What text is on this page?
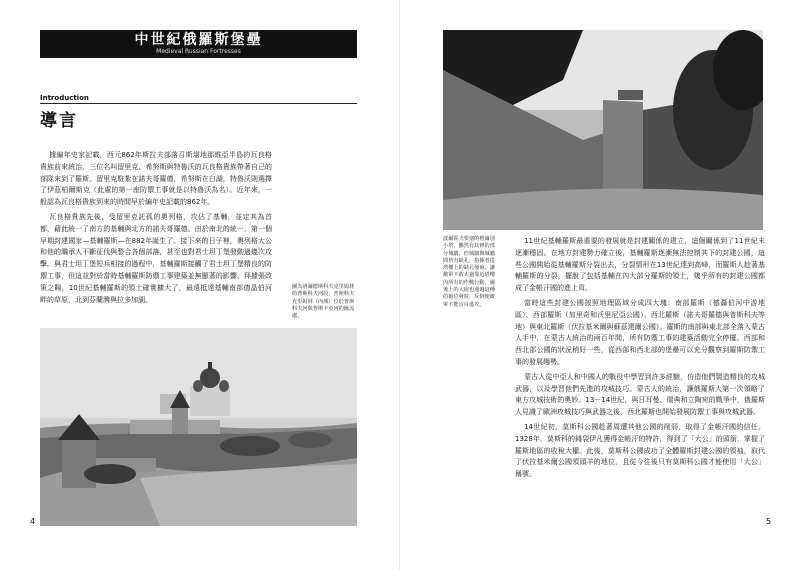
中世紀俄羅斯堡壘
Medieval Russian Fortresses
Introduction
導言

據編年史家記載，西元862年斯拉夫部落召斯堪地那維亞半島的瓦良格貴族前來統治，三位名叫留里克、希努斯與特魯沃的瓦良格貴族帶著自己的部隊來到了羅斯。留里克駐紮在諾夫哥羅德，希努斯在白湖，特魯沃則選擇了伊茲柏爾斯克（此處的第一座防禦工事就是以特魯沃為名）。近年來，一般認為瓦良格貴族到來的時間早於編年史記載的862年。

瓦良格貴族先後，受留里克託孤的奧列格，攻佔了基輔，並定其為首都，藉此統一了南方的基輔與北方的諾夫哥羅德。由於南北的統一，第一個早期封建國家—基輔羅斯—在882年誕生了。接下來的日子裡，奧列格大公和他的繼承人不斷征伐與整合各個部落，甚至也對君士坦丁堡發動過幾次攻擊。與君士坦丁堡短兵相接的過程中，基輔羅斯接觸了君士坦丁堡精良的防禦工事，但這並對於當時基輔羅斯防禦工事建築並無顯著的影響。拜據張政策之賜，10世紀基輔羅斯的領土確實擴大了，最遠抵達基輔南部德晶伯河畔的草原，北到芬蘭灣與拉多加湖。

圖為洛爾德斯科夫克里姆林的普斯科夫河段，普斯科夫克里姆林（內城）位於普斯科夫河與普斯卡亞河的匯流處。
4
波爾霍夫要塞的格爾別小塔，雖然有其修的部分城牆，但城牆與城牆間皆有缺孔，指揮者從塔樓上的缺孔發砲，讓敵軍不敢太過靠近塔樓內所有的作戰行動，爾後上的大砲也通過這種的砲位發射，反倒使敵軍不能盲目進攻。

11世紀基輔羅斯最重要的發展就是封建關係的建立，這個關係到了11世紀末逐漸穩固。在地方封建勢力確立後，基輔羅斯逐漸無法控制其下的封建公國，這些公國開始從基輔羅斯分裂出去，分裂情形在13世紀達到高峰，而羅斯人趁著基輔羅斯的分裂，擺脫了包括基輔在內大部分羅斯的領土，幾乎所有的封建公國都成了金帳汗國的進上貢。

當時這些封建公國按照地理區域分成四大塊：南部羅斯（德聶伯河中游地區）、西部羅斯（加里奇和沃里尼亞公國）、西北羅斯（諾夫哥羅德與普斯科夫等地）與東北羅斯（伏拉基米爾與蘇茲達爾公國）。羅斯的南部與東北部全落入蒙古人手中，在蒙古人統治的兩百年間，所有防禦工事的建築活動完全停擺。西部和西北部公國的狀況稍好一些，從西部和西北部的堡壘可以充分觀察到羅斯防禦工事的發展趨勢。

蒙古人從中亞人和中國人的戰役中學習到許多經驗，仿造他們製造精良的攻城武器，以及學習他們先進的攻城技巧。蒙古人的統治，讓俄羅斯人第一次領略了東方攻城技術的奧妙。13－14世紀，與日耳曼、瑞典和立陶宛的戰爭中，俄羅斯人見識了歐洲攻城技巧與武器之後，西北羅斯也開始發展防禦工事與攻城武器。

14世紀初，莫斯科公國趁著周遭其他公國的削弱，取得了金帳汗國的信任。1328年，莫斯科的錢袋伊凡獲得金帳汗的特許，得到了「大公」的頭銜，掌握了羅斯地區的收稅大權。此後，莫斯科公國成功了全體羅斯封建公國的領袖，取代了伏拉基米爾公國領頭羊的地位，且從今往後只有莫斯科公國才能使用「大公」稱號。

5
